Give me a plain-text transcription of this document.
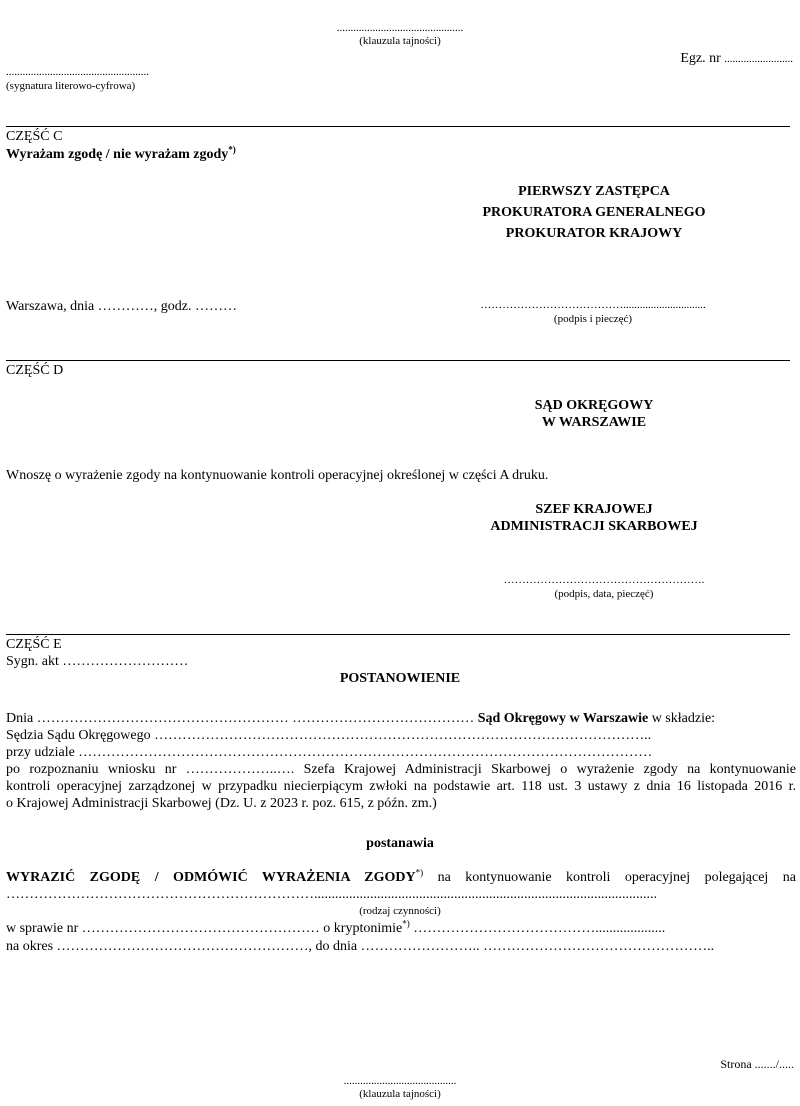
..............................................
(klauzula tajności)
Egz. nr .........................
....................................................
(sygnatura literowo-cyfrowa)
CZĘŚĆ C
Wyrażam zgodę / nie wyrażam zgody*)
PIERWSZY ZASTĘPCA
PROKURATORA GENERALNEGO
PROKURATOR KRAJOWY
Warszawa, dnia …………, godz. ………	…………………………………..............................
(podpis i pieczęć)
CZĘŚĆ D
SĄD OKRĘGOWY
W WARSZAWIE
Wnoszę o wyrażenie zgody na kontynuowanie kontroli operacyjnej określonej w części A druku.
SZEF KRAJOWEJ
ADMINISTRACJI SKARBOWEJ
……………………………………………….
(podpis, data, pieczęć)
CZĘŚĆ E
Sygn. akt ………………………
POSTANOWIENIE
Dnia ……………………………………………… ………………………………… Sąd Okręgowy w Warszawie w składzie:
Sędzia Sądu Okręgowego ……………………………………………………………………………………………..
przy udziale ……………………………………………………………………………………………………………
po rozpoznaniu wniosku nr ………………..…. Szefa Krajowej Administracji Skarbowej o wyrażenie zgody na kontynuowanie
kontroli operacyjnej zarządzonej w przypadku niecierpiącym zwłoki na podstawie art. 118 ust. 3 ustawy z dnia 16 listopada 2016 r.
o Krajowej Administracji Skarbowej (Dz. U. z 2023 r. poz. 615, z późn. zm.)
postanawia
WYRAZIĆ ZGODĘ / ODMÓWIĆ WYRAŻENIA ZGODY*) na kontynuowanie kontroli operacyjnej polegającej na
…………………………………………………………..................................................................................................
(rodzaj czynności)
w sprawie nr …………………………………………… o kryptonimie*) …………………………………....................
na okres ………………………………………………, do dnia …………………….. …………………………………………..
Strona ......./.....
.........................................
(klauzula tajności)
